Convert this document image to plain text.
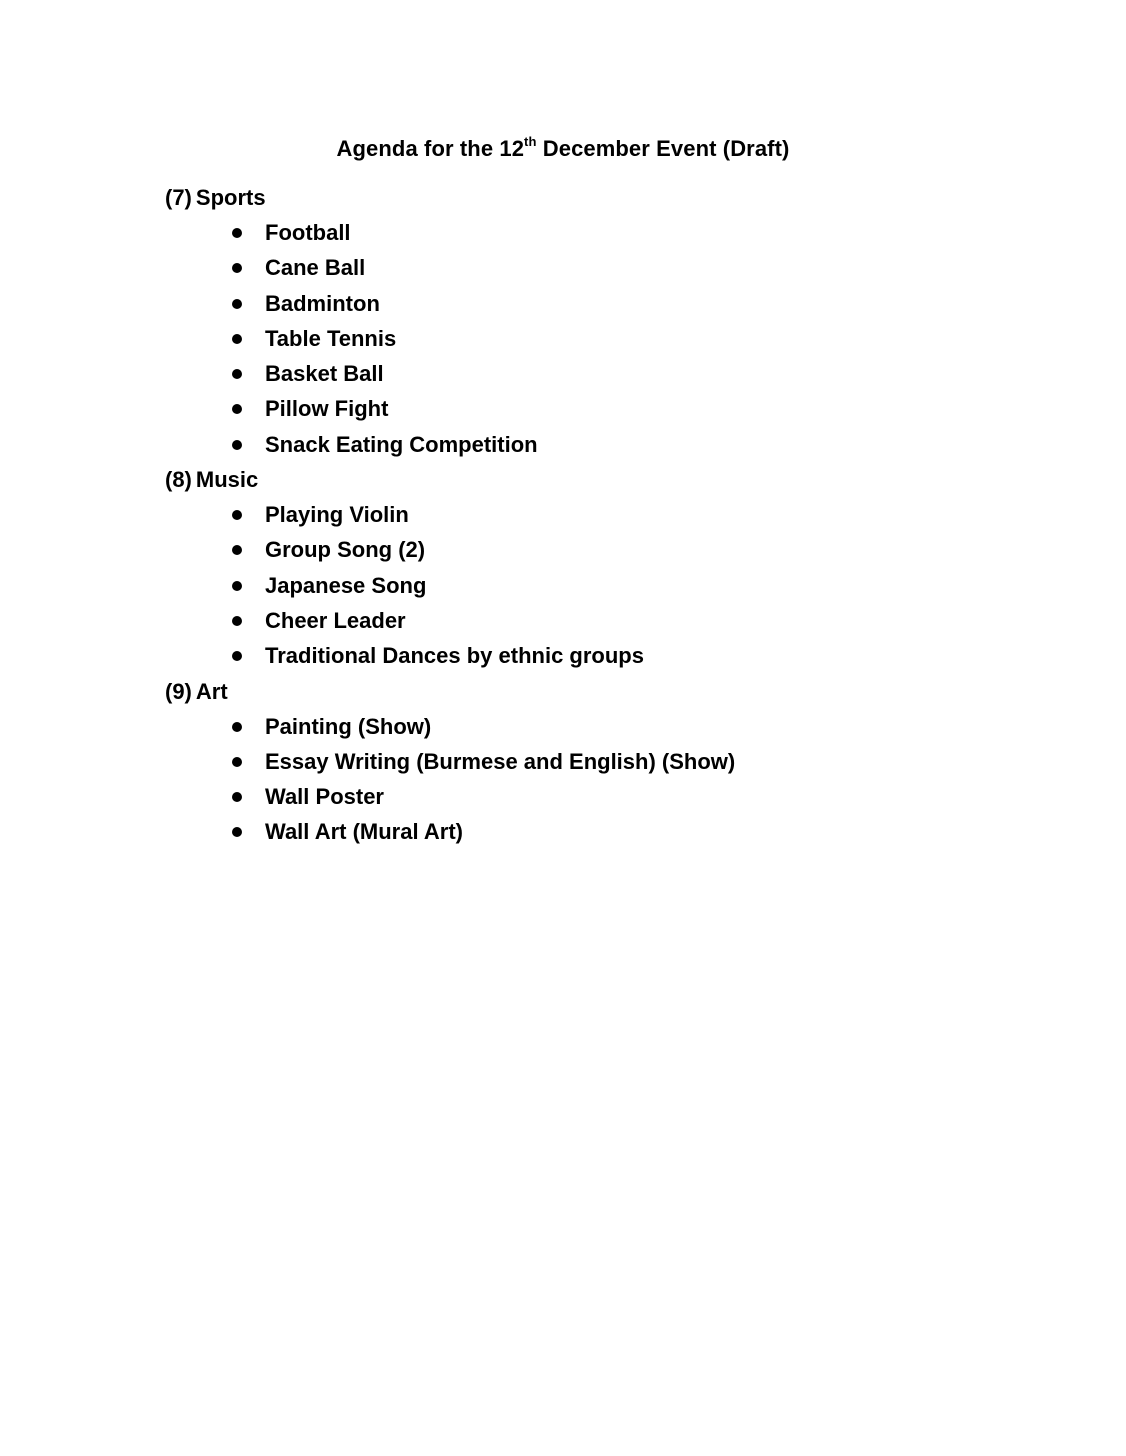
Agenda for the 12th December Event (Draft)
(7) Sports
Football
Cane Ball
Badminton
Table Tennis
Basket Ball
Pillow Fight
Snack Eating Competition
(8) Music
Playing Violin
Group Song (2)
Japanese Song
Cheer Leader
Traditional Dances by ethnic groups
(9) Art
Painting (Show)
Essay Writing (Burmese and English) (Show)
Wall Poster
Wall Art (Mural Art)
